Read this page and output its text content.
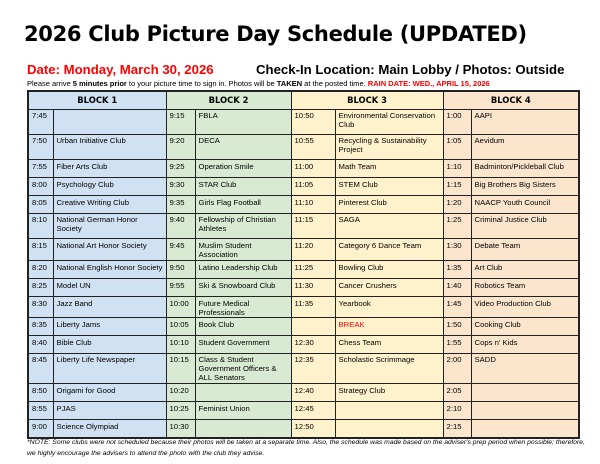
2026 Club Picture Day Schedule (UPDATED)
Date: Monday, March 30, 2026	Check-In Location: Main Lobby / Photos: Outside
Please arrive 5 minutes prior to your picture time to sign in. Photos will be TAKEN at the posted time. RAIN DATE: WED., APRIL 15, 2026
BLOCK 1		BLOCK 2		BLOCK 3		BLOCK 4	
7:45		9:15	FBLA	10:50	Environmental Conservation Club	1:00	AAPI
7:50	Urban Initiative Club	9:20	DECA	10:55	Recycling & Sustainability Project	1:05	Aevidum
7:55	Fiber Arts Club	9:25	Operation Smile	11:00	Math Team	1:10	Badminton/Pickleball Club
8:00	Psychology Club	9:30	STAR Club	11:05	STEM Club	1:15	Big Brothers Big Sisters
8:05	Creative Writing Club	9:35	Girls Flag Football	11:10	Pinterest Club	1:20	NAACP Youth Council
8:10	National German Honor Society	9:40	Fellowship of Christian Athletes	11:15	SAGA	1:25	Criminal Justice Club
8:15	National Art Honor Society	9:45	Muslim Student Association	11:20	Category 6 Dance Team	1:30	Debate Team
8:20	National English Honor Society	9:50	Latino Leadership Club	11:25	Bowling Club	1:35	Art Club
8:25	Model UN	9:55	Ski & Snowboard Club	11:30	Cancer Crushers	1:40	Robotics Team
8:30	Jazz Band	10:00	Future Medical Professionals	11:35	Yearbook	1:45	Video Production Club
8:35	Liberty Jams	10:05	Book Club		BREAK	1:50	Cooking Club
8:40	Bible Club	10:10	Student Government	12:30	Chess Team	1:55	Cops n' Kids
8:45	Liberty Life Newspaper	10:15	Class & Student Government Officers & ALL Senators	12:35	Scholastic Scrimmage	2:00	SADD
8:50	Origami for Good	10:20		12:40	Strategy Club	2:05	
8:55	PJAS	10:25	Feminist Union	12:45		2:10	
9:00	Science Olympiad	10:30		12:50		2:15	
*NOTE: Some clubs were not scheduled because their photos will be taken at a separate time. Also, the schedule was made based on the adviser's prep period when possible; therefore, we highly encourage the advisers to attend the photo with the club they advise.
